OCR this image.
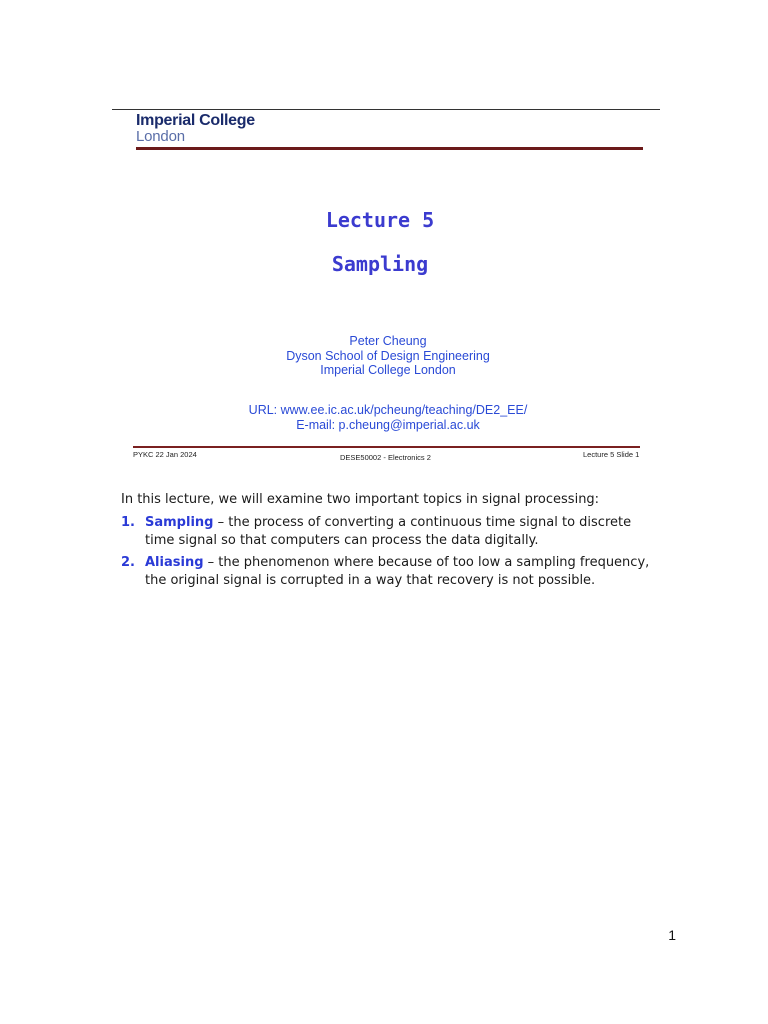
Imperial College
London
Lecture 5
Sampling
Peter Cheung
Dyson School of Design Engineering
Imperial College London
URL: www.ee.ic.ac.uk/pcheung/teaching/DE2_EE/
E-mail: p.cheung@imperial.ac.uk
PYKC 22 Jan 2024	DESE50002 - Electronics 2	Lecture 5 Slide 1
In this lecture, we will examine two important topics in signal processing:
1. Sampling – the process of converting a continuous time signal to discrete time signal so that computers can process the data digitally.
2. Aliasing – the phenomenon where because of too low a sampling frequency, the original signal is corrupted in a way that recovery is not possible.
1
